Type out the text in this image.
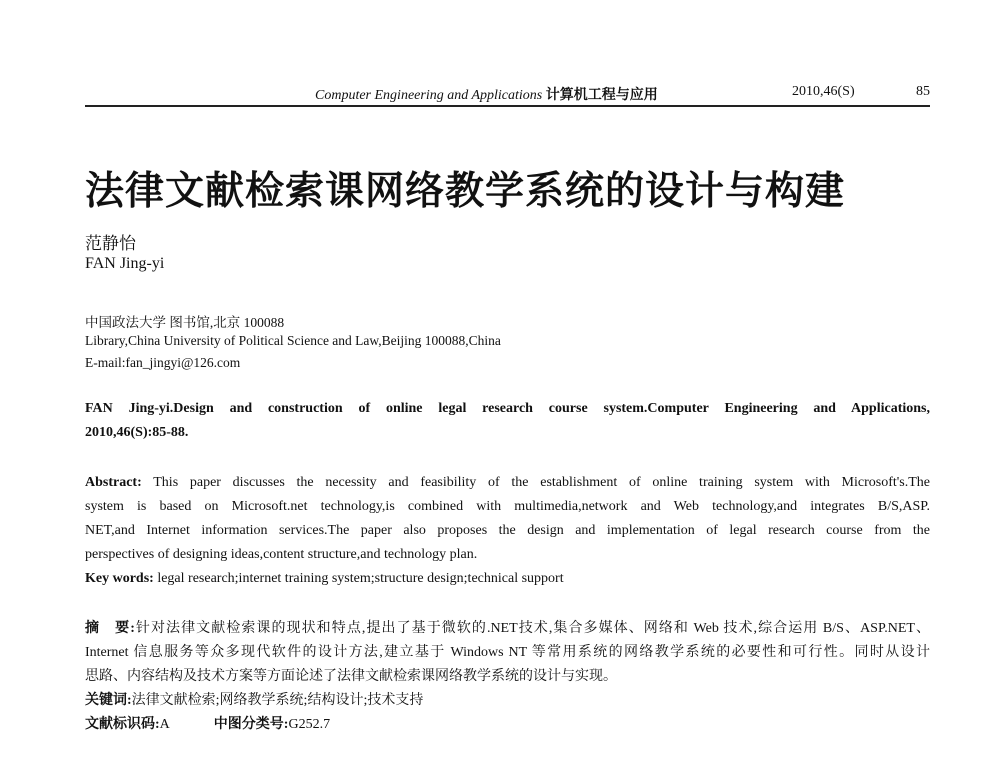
Computer Engineering and Applications 计算机工程与应用	2010,46(S)	85
法律文献检索课网络教学系统的设计与构建
范静怡
FAN Jing-yi
中国政法大学 图书馆,北京 100088
Library,China University of Political Science and Law,Beijing 100088,China
E-mail:fan_jingyi@126.com
FAN Jing-yi.Design and construction of online legal research course system.Computer Engineering and Applications,
2010,46(S):85-88.
Abstract: This paper discusses the necessity and feasibility of the establishment of online training system with Microsoft's.The
system is based on Microsoft.net technology,is combined with multimedia,network and Web technology,and integrates B/S,ASP.
NET,and Internet information services.The paper also proposes the design and implementation of legal research course from the
perspectives of designing ideas,content structure,and technology plan.
Key words: legal research;internet training system;structure design;technical support
摘　要:针对法律文献检索课的现状和特点,提出了基于微软的.NET技术,集合多媒体、网络和 Web 技术,综合运用 B/S、ASP.NET、
Internet 信息服务等众多现代软件的设计方法,建立基于 Windows NT 等常用系统的网络教学系统的必要性和可行性。同时从设计
思路、内容结构及技术方案等方面论述了法律文献检索课网络教学系统的设计与实现。
关键词:法律文献检索;网络教学系统;结构设计;技术支持
文献标识码:A	中图分类号:G252.7
